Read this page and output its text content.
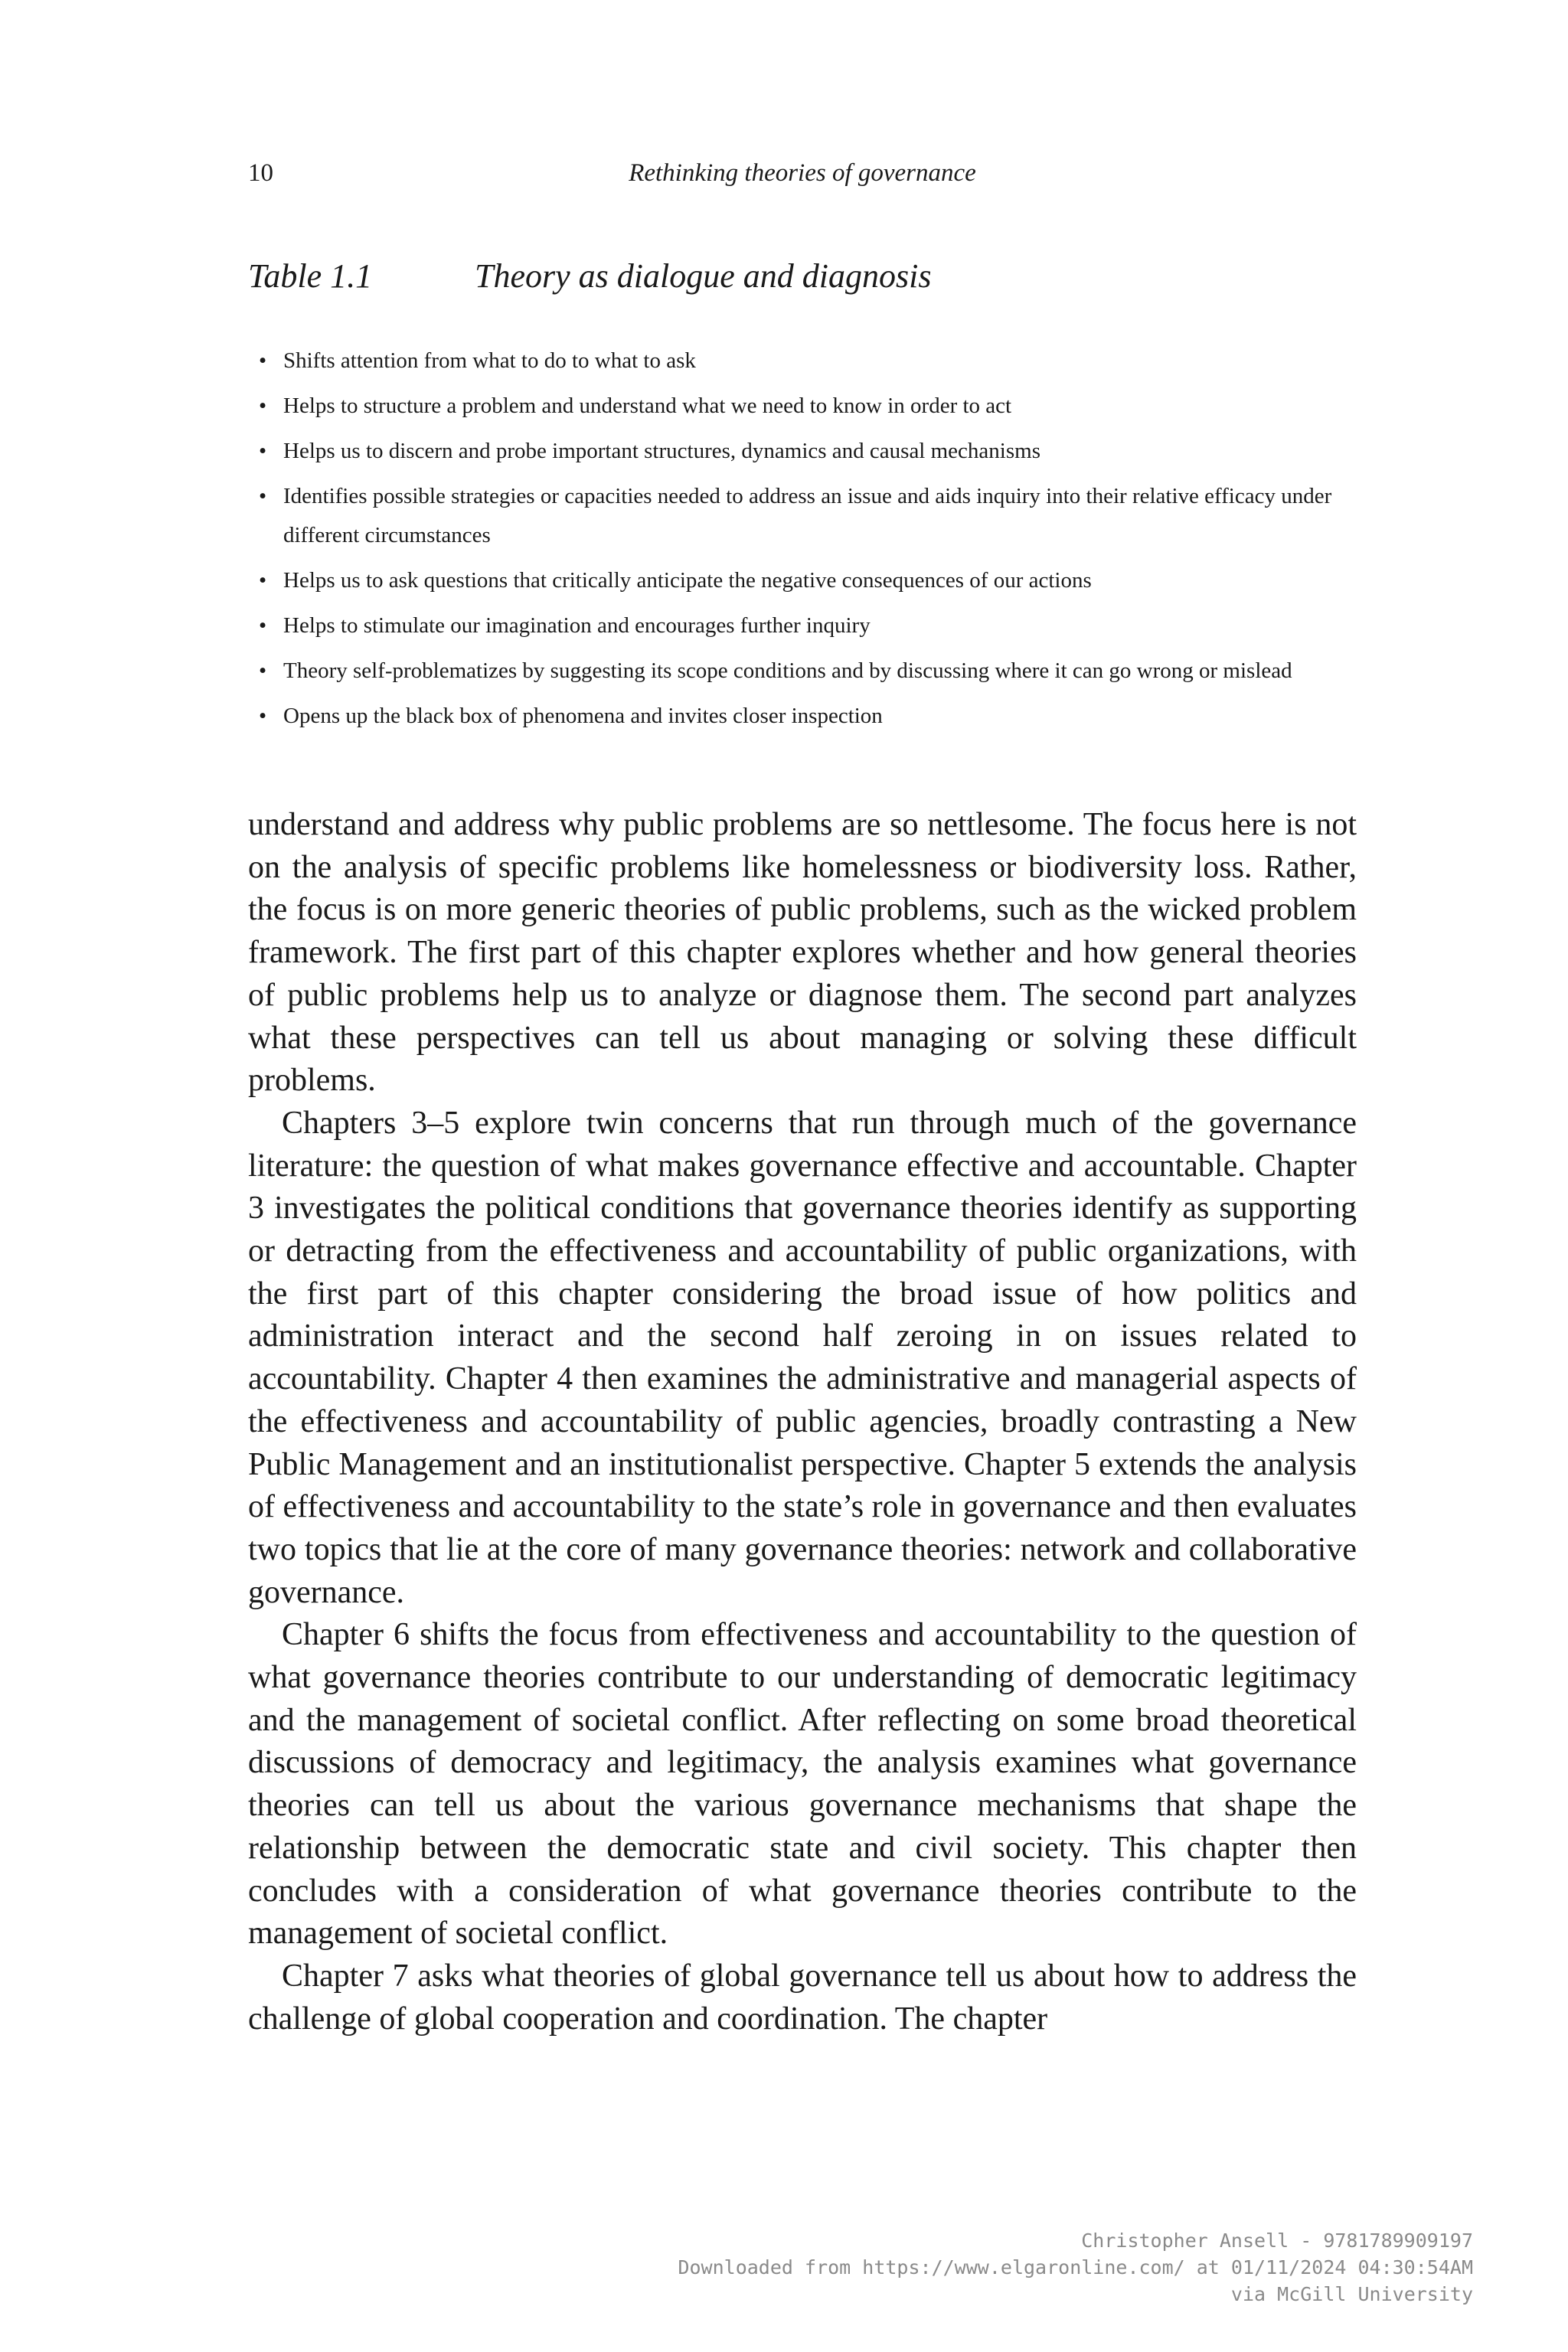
10	Rethinking theories of governance
Table 1.1	Theory as dialogue and diagnosis
• Shifts attention from what to do to what to ask
• Helps to structure a problem and understand what we need to know in order to act
• Helps us to discern and probe important structures, dynamics and causal mechanisms
• Identifies possible strategies or capacities needed to address an issue and aids inquiry into their relative efficacy under different circumstances
• Helps us to ask questions that critically anticipate the negative consequences of our actions
• Helps to stimulate our imagination and encourages further inquiry
• Theory self-problematizes by suggesting its scope conditions and by discussing where it can go wrong or mislead
• Opens up the black box of phenomena and invites closer inspection

understand and address why public problems are so nettlesome. The focus here is not on the analysis of specific problems like homelessness or biodiversity loss. Rather, the focus is on more generic theories of public problems, such as the wicked problem framework. The first part of this chapter explores whether and how general theories of public problems help us to analyze or diagnose them. The second part analyzes what these perspectives can tell us about managing or solving these difficult problems.

Chapters 3–5 explore twin concerns that run through much of the governance literature: the question of what makes governance effective and accountable. Chapter 3 investigates the political conditions that governance theories identify as supporting or detracting from the effectiveness and accountability of public organizations, with the first part of this chapter considering the broad issue of how politics and administration interact and the second half zeroing in on issues related to accountability. Chapter 4 then examines the administrative and managerial aspects of the effectiveness and accountability of public agencies, broadly contrasting a New Public Management and an institutionalist perspective. Chapter 5 extends the analysis of effectiveness and accountability to the state’s role in governance and then evaluates two topics that lie at the core of many governance theories: network and collaborative governance.

Chapter 6 shifts the focus from effectiveness and accountability to the question of what governance theories contribute to our understanding of democratic legitimacy and the management of societal conflict. After reflecting on some broad theoretical discussions of democracy and legitimacy, the analysis examines what governance theories can tell us about the various governance mechanisms that shape the relationship between the democratic state and civil society. This chapter then concludes with a consideration of what governance theories contribute to the management of societal conflict.

Chapter 7 asks what theories of global governance tell us about how to address the challenge of global cooperation and coordination. The chapter

Christopher Ansell - 9781789909197
Downloaded from https://www.elgaronline.com/ at 01/11/2024 04:30:54AM
via McGill University
